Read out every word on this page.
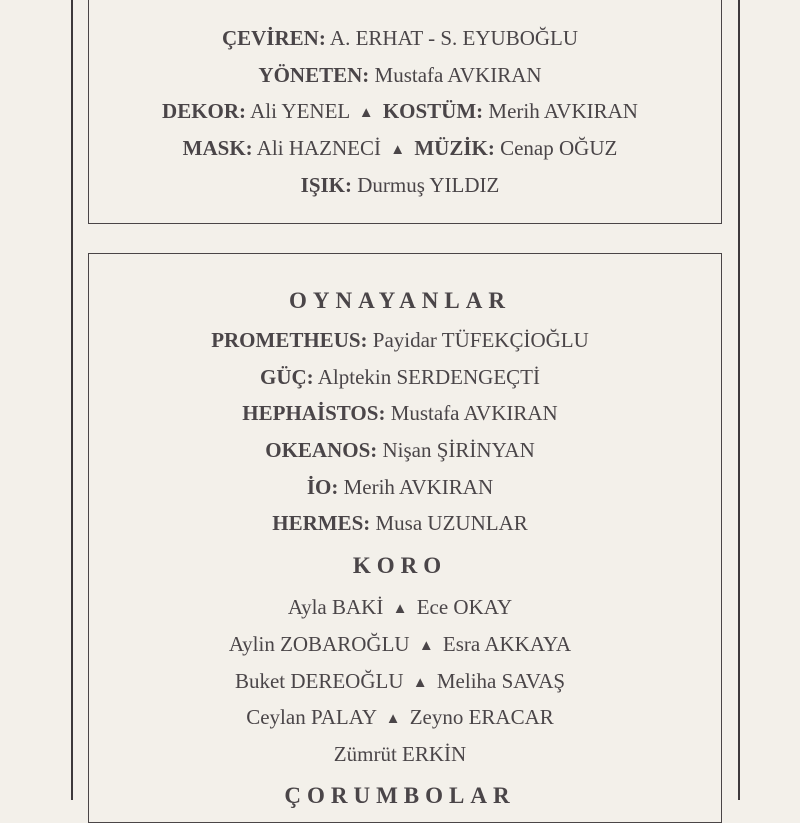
ÇEVİREN: A. ERHAT - S. EYUBOĞLU
YÖNETEN: Mustafa AVKIRAN
DEKOR: Ali YENEL ▲ KOSTÜM: Merih AVKIRAN
MASK: Ali HAZNECİ ▲ MÜZİK: Cenap OĞUZ
IŞIK: Durmuş YILDIZ
OYNAYANLAR
PROMETHEUS: Payidar TÜFEKÇİOĞLU
GÜÇ: Alptekin SERDENGEÇTİ
HEPHAİSTOS: Mustafa AVKIRAN
OKEANOS: Nişan ŞİRİNYAN
İO: Merih AVKIRAN
HERMES: Musa UZUNLAR
KORO
Ayla BAKİ ▲ Ece OKAY
Aylin ZOBAROĞLU ▲ Esra AKKAYA
Buket DEREOĞLU ▲ Meliha SAVAŞ
Ceylan PALAY ▲ Zeyno ERACAR
Zümrüt ERKİN
ÇORUMBOLAR
